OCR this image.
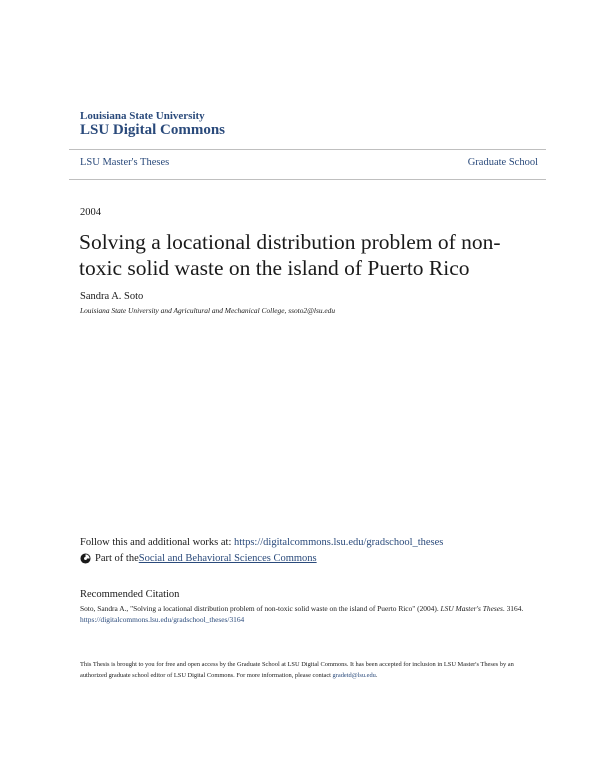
Louisiana State University
LSU Digital Commons
LSU Master's Theses	Graduate School
2004
Solving a locational distribution problem of non-toxic solid waste on the island of Puerto Rico
Sandra A. Soto
Louisiana State University and Agricultural and Mechanical College, ssoto2@lsu.edu
Follow this and additional works at: https://digitalcommons.lsu.edu/gradschool_theses
Part of the Social and Behavioral Sciences Commons
Recommended Citation
Soto, Sandra A., "Solving a locational distribution problem of non-toxic solid waste on the island of Puerto Rico" (2004). LSU Master's Theses. 3164.
https://digitalcommons.lsu.edu/gradschool_theses/3164
This Thesis is brought to you for free and open access by the Graduate School at LSU Digital Commons. It has been accepted for inclusion in LSU Master's Theses by an authorized graduate school editor of LSU Digital Commons. For more information, please contact gradetd@lsu.edu.
